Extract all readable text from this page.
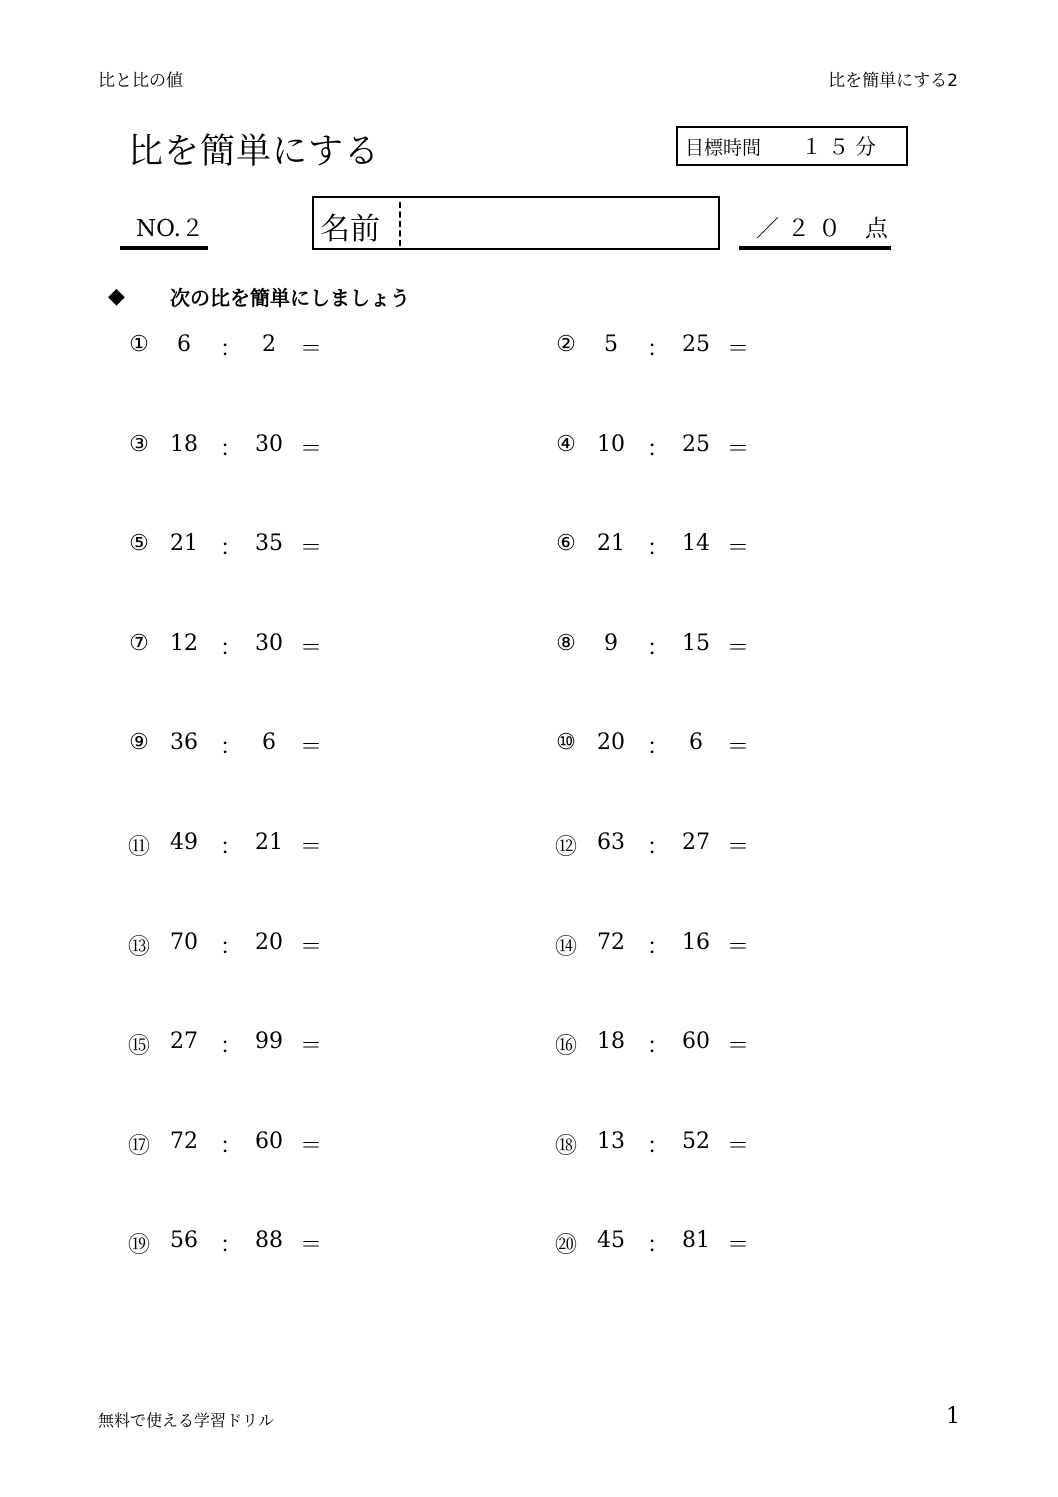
比と比の値	比を簡単にする2
比を簡単にする	目標時間 １５分
NO.２	名前	／２０ 点
◆	次の比を簡単にしましょう
①	6	： 2	＝	②	5	： 25 ＝
③ 18 ： 30 ＝	④ 10 ： 25 ＝
⑤ 21 ： 35 ＝	⑥ 21 ： 14 ＝
⑦ 12 ： 30 ＝	⑧	9	： 15 ＝
⑨ 36 ： 6	＝	⑩ 20 ： 6	＝
⑪ 49 ： 21 ＝	⑫ 63 ： 27 ＝
⑬ 70 ： 20 ＝	⑭ 72 ： 16 ＝
⑮ 27 ： 99 ＝	⑯ 18 ： 60 ＝
⑰ 72 ： 60 ＝	⑱ 13 ： 52 ＝
⑲ 56 ： 88 ＝	⑳ 45 ： 81 ＝
無料で使える学習ドリル	1
